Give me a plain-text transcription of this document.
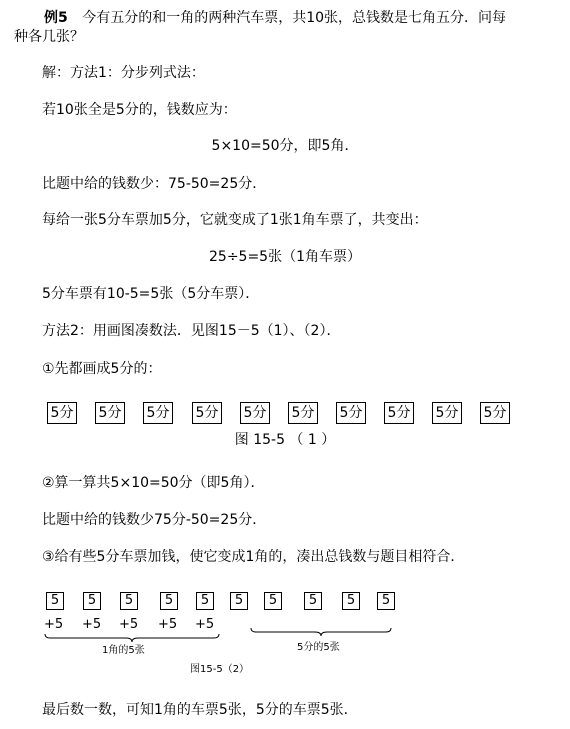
例5 今有五分的和一角的两种汽车票，共10张，总钱数是七角五分．问每
种各几张？
解：方法1：分步列式法：
若10张全是5分的，钱数应为：
5×10=50分，即5角．
比题中给的钱数少：75-50=25分．
每给一张5分车票加5分，它就变成了1张1角车票了，共变出：
25÷5=5张（1角车票）
5分车票有10-5=5张（5分车票）．
方法2：用画图凑数法．见图15－5（1）、（2）．
①先都画成5分的：
5分 5分 5分 5分 5分 5分 5分 5分 5分 5分
图 15-5 （ 1 ）
②算一算共5×10=50分（即5角）．
比题中给的钱数少75分-50=25分．
③给有些5分车票加钱，使它变成1角的，凑出总钱数与题目相符合．
5	5	5	5	5	5	5	5	5	5
+5 +5 +5 +5 +5
1角的5张	5分的5张
图15-5（2）
最后数一数，可知1角的车票5张，5分的车票5张．
